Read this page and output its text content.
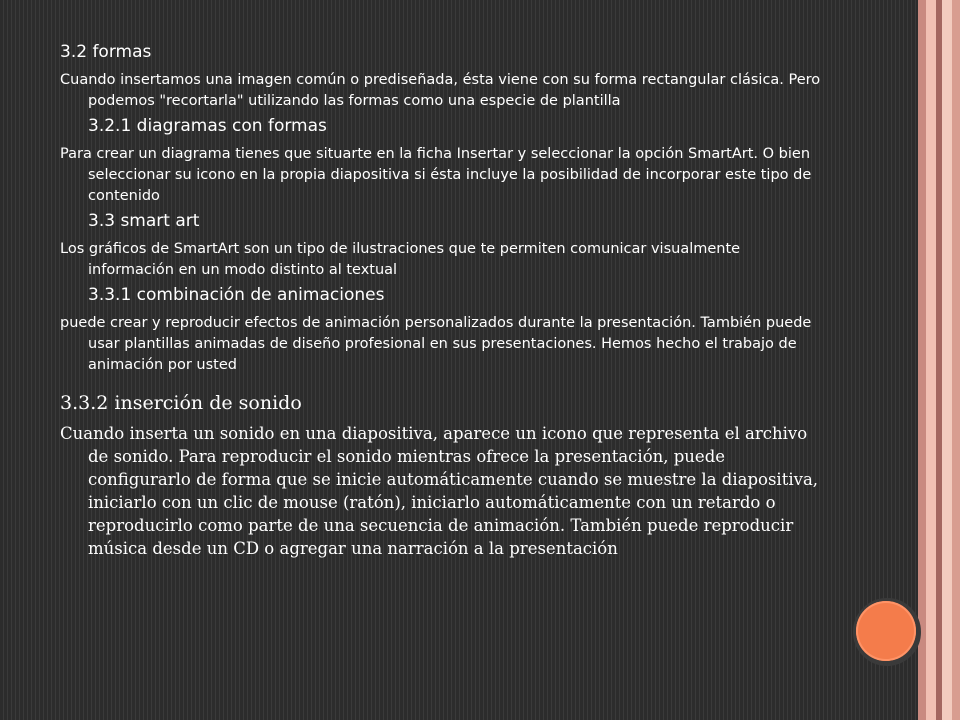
3.2 formas

Cuando insertamos una imagen común o prediseñada, ésta viene con su forma rectangular clásica. Pero podemos "recortarla" utilizando las formas como una especie de plantilla

3.2.1 diagramas con formas

Para crear un diagrama tienes que situarte en la ficha Insertar y seleccionar la opción SmartArt. O bien seleccionar su icono en la propia diapositiva si ésta incluye la posibilidad de incorporar este tipo de contenido

3.3 smart art

Los gráficos de SmartArt son un tipo de ilustraciones que te permiten comunicar visualmente información en un modo distinto al textual

3.3.1 combinación de animaciones

puede crear y reproducir efectos de animación personalizados durante la presentación. También puede usar plantillas animadas de diseño profesional en sus presentaciones. Hemos hecho el trabajo de animación por usted

3.3.2 inserción de sonido

Cuando inserta un sonido en una diapositiva, aparece un icono que representa el archivo de sonido. Para reproducir el sonido mientras ofrece la presentación, puede configurarlo de forma que se inicie automáticamente cuando se muestre la diapositiva, iniciarlo con un clic de mouse (ratón), iniciarlo automáticamente con un retardo o reproducirlo como parte de una secuencia de animación. También puede reproducir música desde un CD o agregar una narración a la presentación
